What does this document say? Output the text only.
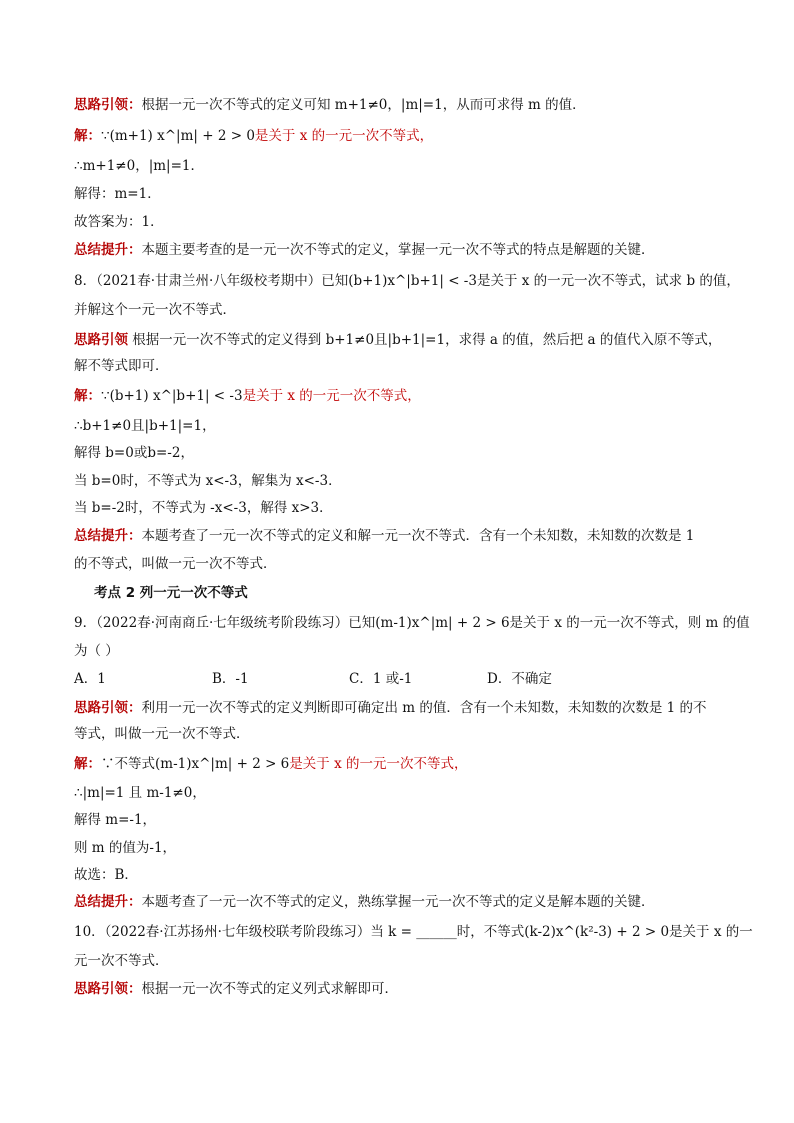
思路引领：根据一元一次不等式的定义可知 m+1≠0，|m|=1，从而可求得 m 的值．
解：∵(m+1) x^|m| + 2 > 0是关于 x 的一元一次不等式，
∴m+1≠0，|m|=1．
解得：m=1．
故答案为：1．
总结提升：本题主要考查的是一元一次不等式的定义，掌握一元一次不等式的特点是解题的关键．
8．（2021春·甘肃兰州·八年级校考期中）已知(b+1)x^|b+1| < -3是关于 x 的一元一次不等式，试求 b 的值，
并解这个一元一次不等式．
思路引领 根据一元一次不等式的定义得到 b+1≠0且|b+1|=1，求得 a 的值，然后把 a 的值代入原不等式，
解不等式即可．
解：∵(b+1) x^|b+1| < -3是关于 x 的一元一次不等式，
∴b+1≠0且|b+1|=1，
解得 b=0或b=-2，
当 b=0时，不等式为 x<-3，解集为 x<-3．
当 b=-2时，不等式为 -x<-3，解得 x>3．
总结提升：本题考查了一元一次不等式的定义和解一元一次不等式．含有一个未知数，未知数的次数是 1
的不等式，叫做一元一次不等式．
考点 2 列一元一次不等式
9．（2022春·河南商丘·七年级统考阶段练习）已知(m-1)x^|m| + 2 > 6是关于 x 的一元一次不等式，则 m 的值
为（ ）
A．1	B．-1	C．1 或-1	D．不确定
思路引领：利用一元一次不等式的定义判断即可确定出 m 的值．含有一个未知数，未知数的次数是 1 的不
等式，叫做一元一次不等式．
解：∵不等式(m-1)x^|m| + 2 > 6是关于 x 的一元一次不等式，
∴|m|=1 且 m-1≠0，
解得 m=-1，
则 m 的值为-1，
故选：B．
总结提升：本题考查了一元一次不等式的定义，熟练掌握一元一次不等式的定义是解本题的关键．
10．（2022春·江苏扬州·七年级校联考阶段练习）当 k = ______时，不等式(k-2)x^(k²-3) + 2 > 0是关于 x 的一
元一次不等式．
思路引领：根据一元一次不等式的定义列式求解即可．
